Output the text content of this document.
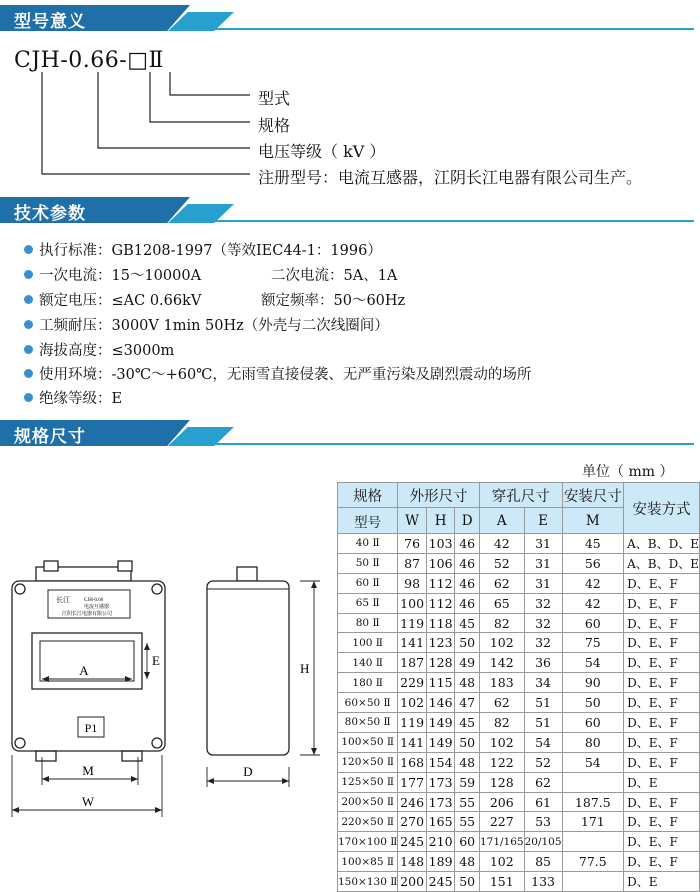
型号意义
CJH-0.66-□Ⅱ
型式
规格
电压等级（ kV ）
注册型号：电流互感器，江阴长江电器有限公司生产。
技术参数
执行标准：GB1208-1997（等效IEC44-1：1996）
一次电流：15～10000A	二次电流：5A、1A
额定电压：≤AC 0.66kV	额定频率：50～60Hz
工频耐压：3000V 1min 50Hz（外壳与二次线圈间）
海拔高度：≤3000m
使用环境：-30℃～+60℃，无雨雪直接侵袭、无严重污染及剧烈震动的场所
绝缘等级：E
规格尺寸
单位（ mm ）
长江	CJH-0.66
电流互感器
江阴长江电器有限公司
A
E
P1
M
W
D
H
规格	外形尺寸			穿孔尺寸		安装尺寸	安装方式
型号	W	H	D	A	E	M	
40 Ⅱ	76	103	46	42	31	45	A、B、D、E
50 Ⅱ	87	106	46	52	31	56	A、B、D、E
60 Ⅱ	98	112	46	62	31	42	D、E、F
65 Ⅱ	100	112	46	65	32	42	D、E、F
80 Ⅱ	119	118	45	82	32	60	D、E、F
100 Ⅱ	141	123	50	102	32	75	D、E、F
140 Ⅱ	187	128	49	142	36	54	D、E、F
180 Ⅱ	229	115	48	183	34	90	D、E、F
60×50 Ⅱ	102	146	47	62	51	50	D、E、F
80×50 Ⅱ	119	149	45	82	51	60	D、E、F
100×50 Ⅱ	141	149	50	102	54	80	D、E、F
120×50 Ⅱ	168	154	48	122	52	54	D、E、F
125×50 Ⅱ	177	173	59	128	62		D、E
200×50 Ⅱ	246	173	55	206	61	187.5	D、E、F
220×50 Ⅱ	270	165	55	227	53	171	D、E、F
170×100 Ⅱ	245	210	60	171/165	20/105		D、E、F
100×85 Ⅱ	148	189	48	102	85	77.5	D、E、F
150×130 Ⅱ	200	245	50	151	133		D、E
